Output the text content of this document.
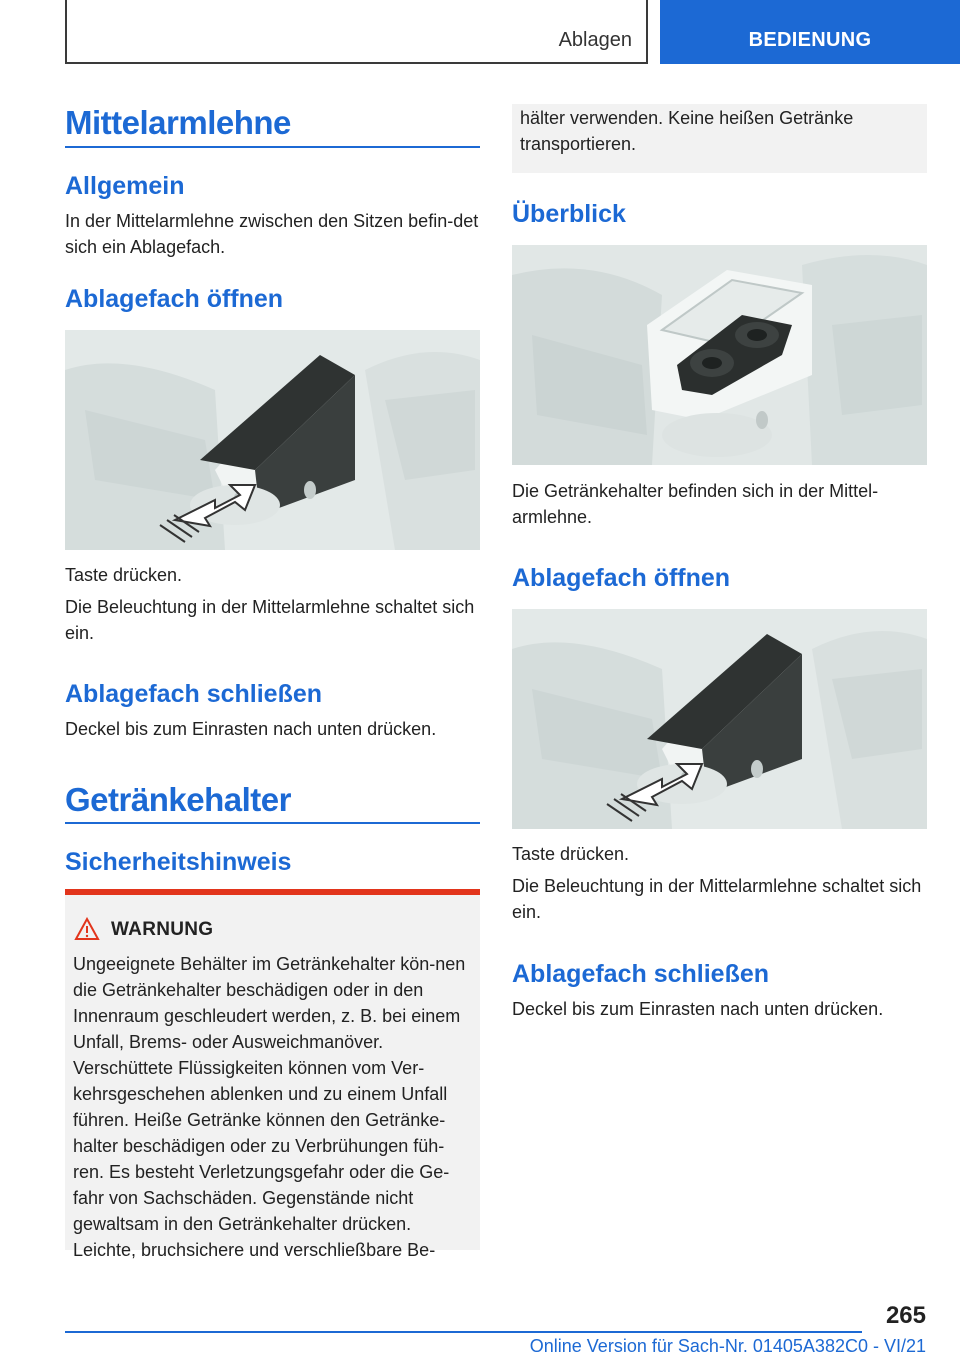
Ablagen	BEDIENUNG
Mittelarmlehne
Allgemein
In der Mittelarmlehne zwischen den Sitzen befin-det sich ein Ablagefach.
Ablagefach öffnen
Taste drücken.
Die Beleuchtung in der Mittelarmlehne schaltet sich ein.
Ablagefach schließen
Deckel bis zum Einrasten nach unten drücken.
Getränkehalter
Sicherheitshinweis
WARNUNG
Ungeeignete Behälter im Getränkehalter kön-nen die Getränkehalter beschädigen oder in den Innenraum geschleudert werden, z. B. bei einem Unfall, Brems- oder Ausweichmanöver. Verschüttete Flüssigkeiten können vom Ver-kehrsgeschehen ablenken und zu einem Unfall führen. Heiße Getränke können den Getränke-halter beschädigen oder zu Verbrühungen füh-ren. Es besteht Verletzungsgefahr oder die Ge-fahr von Sachschäden. Gegenstände nicht gewaltsam in den Getränkehalter drücken. Leichte, bruchsichere und verschließbare Be-
hälter verwenden. Keine heißen Getränke transportieren.
Überblick
Die Getränkehalter befinden sich in der Mittel-armlehne.
Ablagefach öffnen
Taste drücken.
Die Beleuchtung in der Mittelarmlehne schaltet sich ein.
Ablagefach schließen
Deckel bis zum Einrasten nach unten drücken.
265
Online Version für Sach-Nr. 01405A382C0 - VI/21
